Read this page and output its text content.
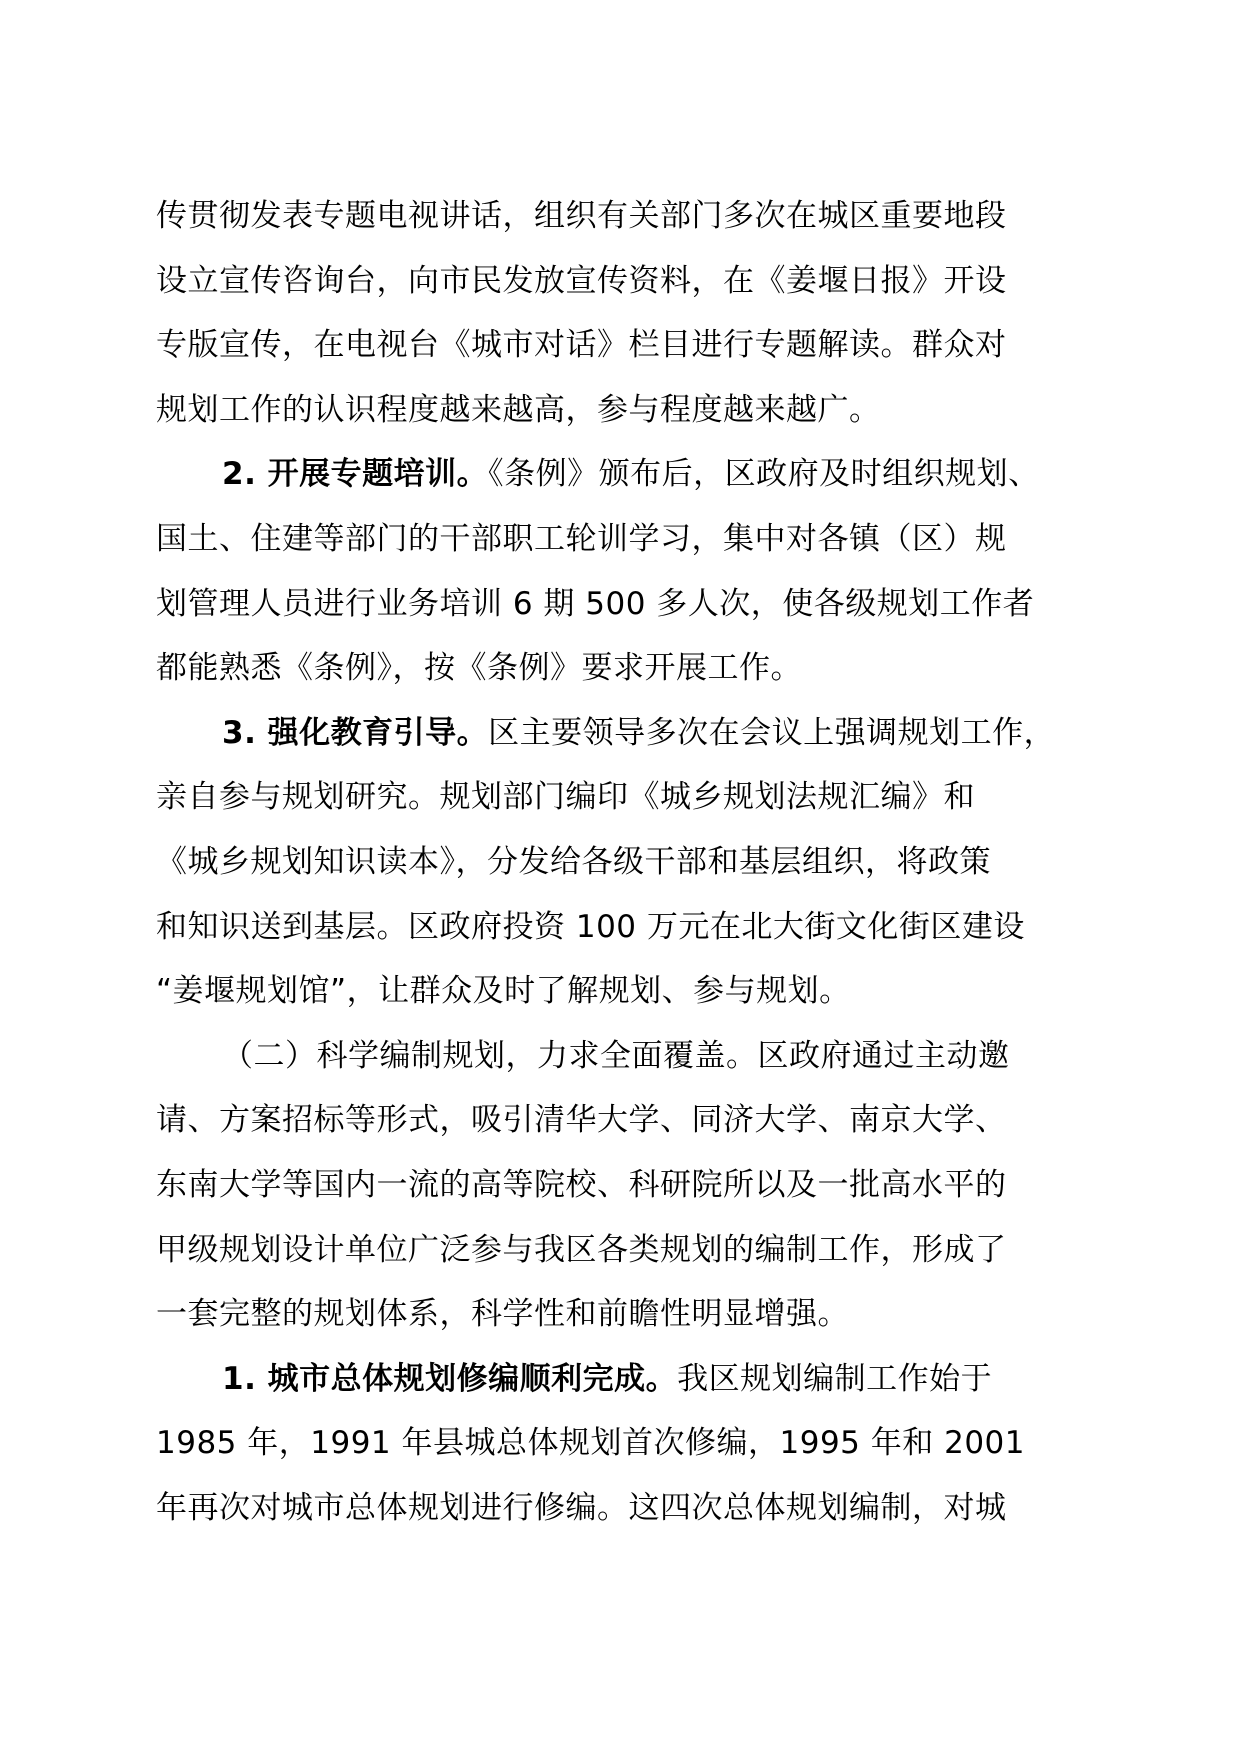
传贯彻发表专题电视讲话，组织有关部门多次在城区重要地段
设立宣传咨询台，向市民发放宣传资料，在《姜堰日报》开设
专版宣传，在电视台《城市对话》栏目进行专题解读。群众对
规划工作的认识程度越来越高，参与程度越来越广。
2. 开展专题培训。《条例》颁布后，区政府及时组织规划、
国土、住建等部门的干部职工轮训学习，集中对各镇（区）规
划管理人员进行业务培训 6 期 500 多人次，使各级规划工作者
都能熟悉《条例》，按《条例》要求开展工作。
3. 强化教育引导。区主要领导多次在会议上强调规划工作，
亲自参与规划研究。规划部门编印《城乡规划法规汇编》和
《城乡规划知识读本》，分发给各级干部和基层组织，将政策
和知识送到基层。区政府投资 100 万元在北大街文化街区建设
“姜堰规划馆”，让群众及时了解规划、参与规划。
（二）科学编制规划，力求全面覆盖。区政府通过主动邀
请、方案招标等形式，吸引清华大学、同济大学、南京大学、
东南大学等国内一流的高等院校、科研院所以及一批高水平的
甲级规划设计单位广泛参与我区各类规划的编制工作，形成了
一套完整的规划体系，科学性和前瞻性明显增强。
1. 城市总体规划修编顺利完成。我区规划编制工作始于
1985 年，1991 年县城总体规划首次修编，1995 年和 2001
年再次对城市总体规划进行修编。这四次总体规划编制，对城
